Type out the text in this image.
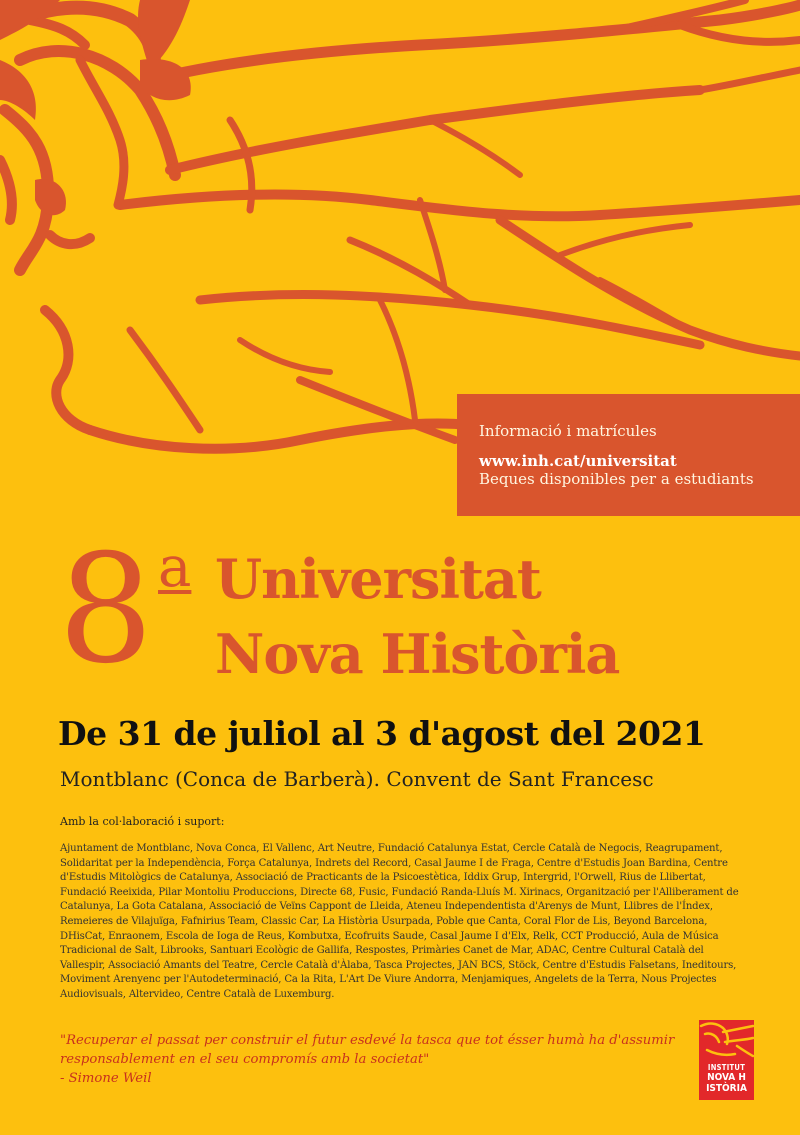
Informació i matrícules
www.inh.cat/universitat
Beques disponibles per a estudiants
8 a Universitat
Nova Història
De 31 de juliol al 3 d'agost del 2021
Montblanc (Conca de Barberà). Convent de Sant Francesc
Amb la col·laboració i suport:
Ajuntament de Montblanc, Nova Conca, El Vallenc, Art Neutre, Fundació Catalunya Estat, Cercle Català de Negocis, Reagrupament, Solidaritat per la Independència, Força Catalunya, Indrets del Record, Casal Jaume I de Fraga, Centre d'Estudis Joan Bardina, Centre d'Estudis Mitològics de Catalunya, Associació de Practicants de la Psicoestètica, Iddix Grup, Intergrid, l'Orwell, Rius de Llibertat, Fundació Reeixida, Pilar Montoliu Produccions, Directe 68, Fusic, Fundació Randa-Lluís M. Xirinacs, Organització per l'Alliberament de Catalunya, La Gota Catalana, Associació de Veïns Cappont de Lleida, Ateneu Independentista d'Arenys de Munt, Llibres de l'Índex, Remeieres de Vilajuïga, Fafnirius Team, Classic Car, La Història Usurpada, Poble que Canta, Coral Flor de Lis, Beyond Barcelona, DHisCat, Enraonem, Escola de Ioga de Reus, Kombutxa, Ecofruits Saude, Casal Jaume I d'Elx, Relk, CCT Producció, Aula de Música Tradicional de Salt, Librooks, Santuari Ecològic de Gallifa, Respostes, Primàries Canet de Mar, ADAC, Centre Cultural Català del Vallespir, Associació Amants del Teatre, Cercle Català d'Àlaba, Tasca Projectes, JAN BCS, Stöck, Centre d'Estudis Falsetans, Ineditours, Moviment Arenyenc per l'Autodeterminació, Ca la Rita, L'Art De Viure Andorra, Menjamiques, Angelets de la Terra, Nous Projectes Audiovisuals, Altervideo, Centre Català de Luxemburg.
"Recuperar el passat per construir el futur esdevé la tasca que tot ésser humà ha d'assumir responsablement en el seu compromís amb la societat"
- Simone Weil
INSTITUT
NOVA H
ISTÒRIA
